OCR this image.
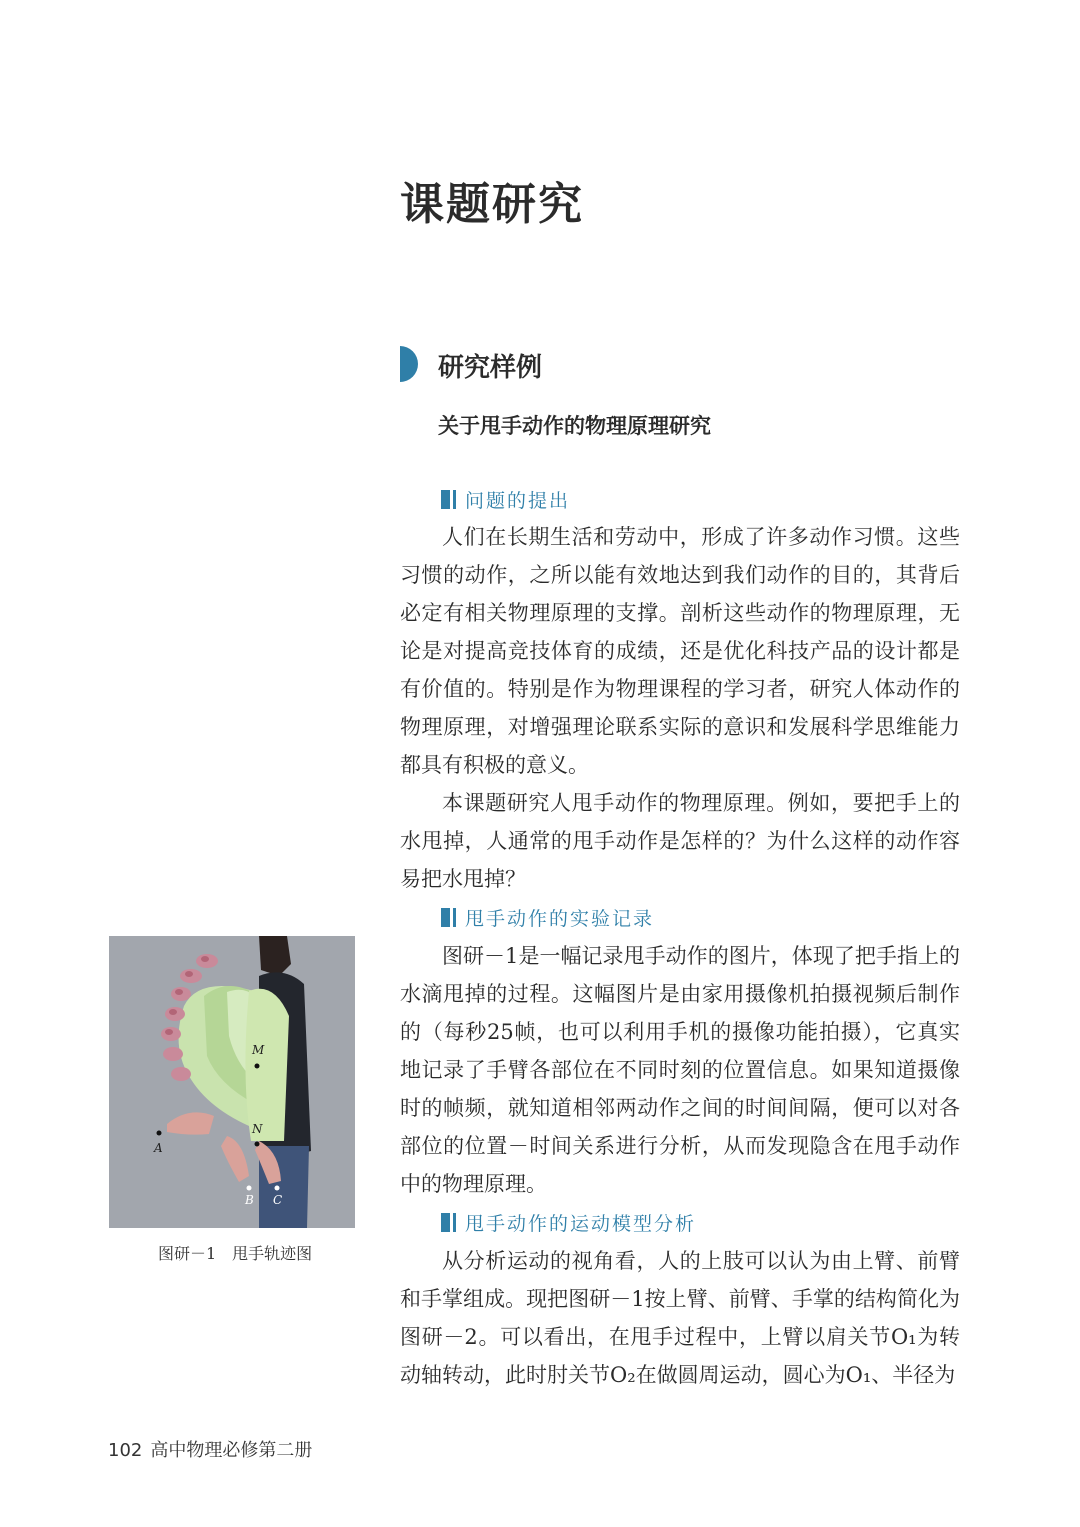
课题研究
研究样例
关于甩手动作的物理原理研究
问题的提出
人们在长期生活和劳动中，形成了许多动作习惯。这些习惯的动作，之所以能有效地达到我们动作的目的，其背后必定有相关物理原理的支撑。剖析这些动作的物理原理，无论是对提高竞技体育的成绩，还是优化科技产品的设计都是有价值的。特别是作为物理课程的学习者，研究人体动作的物理原理，对增强理论联系实际的意识和发展科学思维能力都具有积极的意义。
本课题研究人甩手动作的物理原理。例如，要把手上的水甩掉，人通常的甩手动作是怎样的？为什么这样的动作容易把水甩掉？
甩手动作的实验记录
图研－1是一幅记录甩手动作的图片，体现了把手指上的水滴甩掉的过程。这幅图片是由家用摄像机拍摄视频后制作的（每秒25帧，也可以利用手机的摄像功能拍摄），它真实地记录了手臂各部位在不同时刻的位置信息。如果知道摄像时的帧频，就知道相邻两动作之间的时间间隔，便可以对各部位的位置－时间关系进行分析，从而发现隐含在甩手动作中的物理原理。
甩手动作的运动模型分析
从分析运动的视角看，人的上肢可以认为由上臂、前臂和手掌组成。现把图研－1按上臂、前臂、手掌的结构简化为图研－2。可以看出，在甩手过程中，上臂以肩关节O₁为转动轴转动，此时肘关节O₂在做圆周运动，圆心为O₁、半径为
M
N
A
B C
图研－1　甩手轨迹图
102 高中物理必修第二册
